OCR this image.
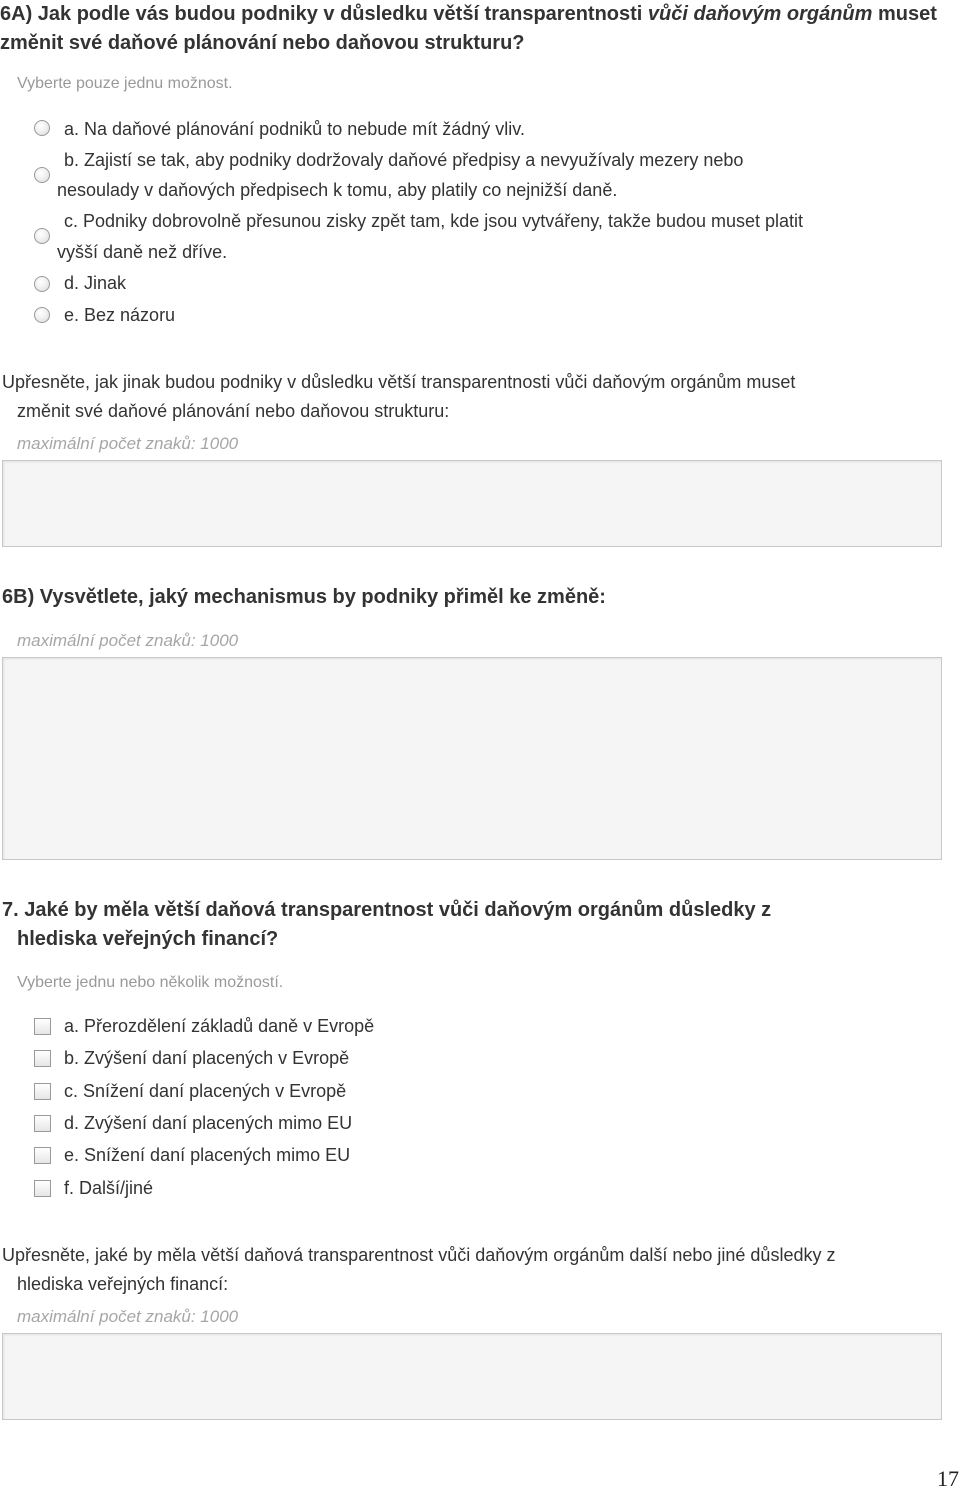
6A) Jak podle vás budou podniky v důsledku větší transparentnosti vůči daňovým orgánům muset změnit své daňové plánování nebo daňovou strukturu?
Vyberte pouze jednu možnost.
a. Na daňové plánování podniků to nebude mít žádný vliv.
b. Zajistí se tak, aby podniky dodržovaly daňové předpisy a nevyužívaly mezery nebo
nesoulady v daňových předpisech k tomu, aby platily co nejnižší daně.
c. Podniky dobrovolně přesunou zisky zpět tam, kde jsou vytvářeny, takže budou muset platit
vyšší daně než dříve.
d. Jinak
e. Bez názoru
Upřesněte, jak jinak budou podniky v důsledku větší transparentnosti vůči daňovým orgánům muset
změnit své daňové plánování nebo daňovou strukturu:
maximální počet znaků: 1000
6B) Vysvětlete, jaký mechanismus by podniky přiměl ke změně:
maximální počet znaků: 1000
7. Jaké by měla větší daňová transparentnost vůči daňovým orgánům důsledky z
hlediska veřejných financí?
Vyberte jednu nebo několik možností.
a. Přerozdělení základů daně v Evropě
b. Zvýšení daní placených v Evropě
c. Snížení daní placených v Evropě
d. Zvýšení daní placených mimo EU
e. Snížení daní placených mimo EU
f. Další/jiné
Upřesněte, jaké by měla větší daňová transparentnost vůči daňovým orgánům další nebo jiné důsledky z
hlediska veřejných financí:
maximální počet znaků: 1000
17
